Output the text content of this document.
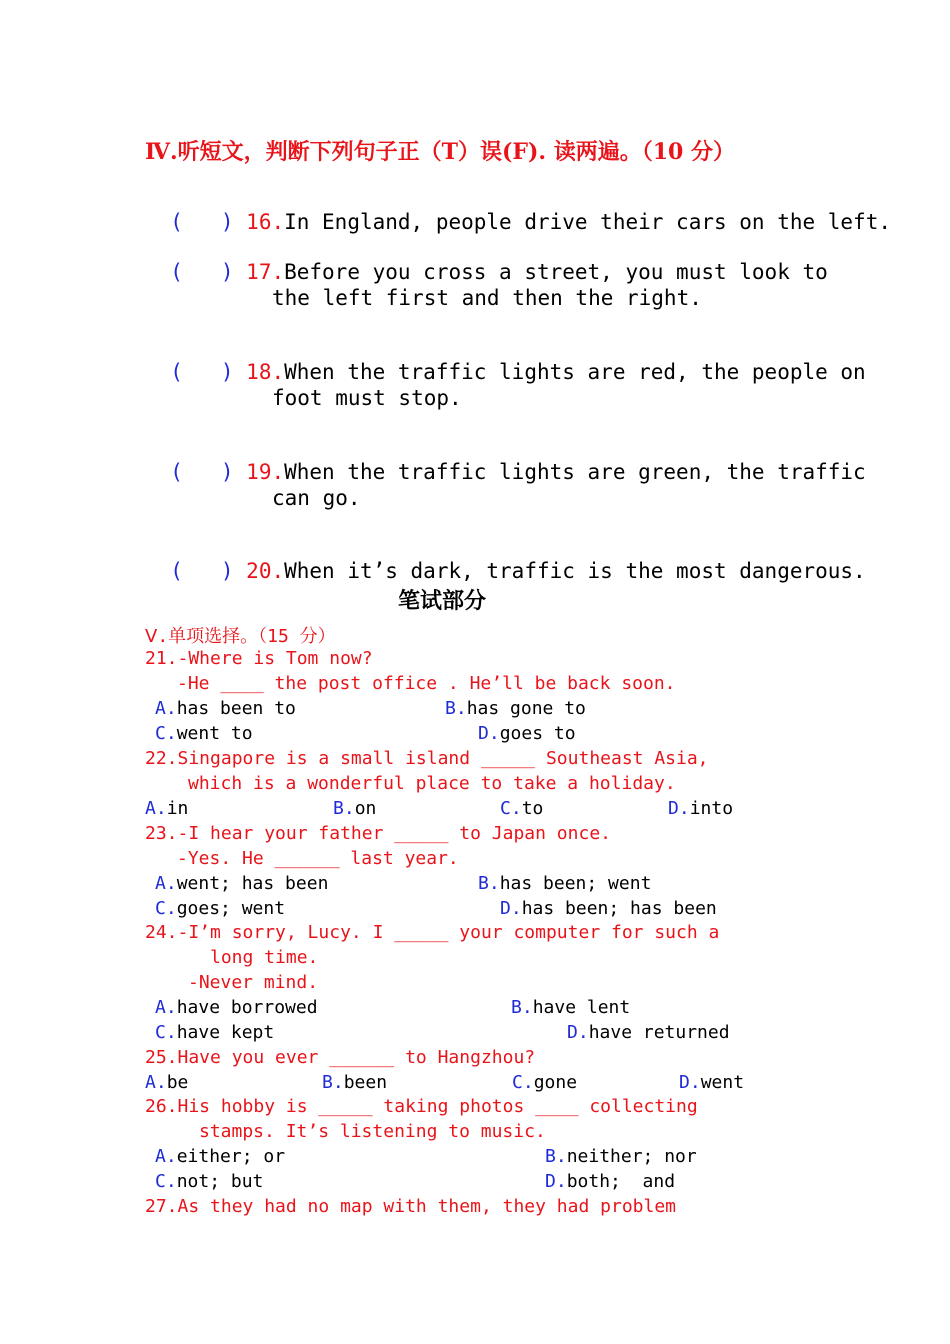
Ⅳ.听短文，判断下列句子正（T）误(F). 读两遍。（10 分）

(   ) 16.In England, people drive their cars on the left.

(   ) 17.Before you cross a street, you must look to

the left first and then the right.

(   ) 18.When the traffic lights are red, the people on

foot must stop.

(   ) 19.When the traffic lights are green, the traffic

can go.

(   ) 20.When it’s dark, traffic is the most dangerous.

笔试部分
Ⅴ.单项选择。（15 分）
21.-Where is Tom now?
-He ____ the post office . He’ll be back soon.
A.has been to	B.has gone to
C.went to	D.goes to
22.Singapore is a small island _____ Southeast Asia,
which is a wonderful place to take a holiday.
A.in	B.on	C.to	D.into
23.-I hear your father _____ to Japan once.
-Yes. He ______ last year.
A.went; has been	B.has been; went
C.goes; went	D.has been; has been
24.-I’m sorry, Lucy. I _____ your computer for such a
long time.
-Never mind.
A.have borrowed	B.have lent
C.have kept	D.have returned
25.Have you ever ______ to Hangzhou?
A.be	B.been	C.gone	D.went
26.His hobby is _____ taking photos ____ collecting
stamps. It’s listening to music.
A.either; or	B.neither; nor
C.not; but	D.both;  and
27.As they had no map with them, they had problem
